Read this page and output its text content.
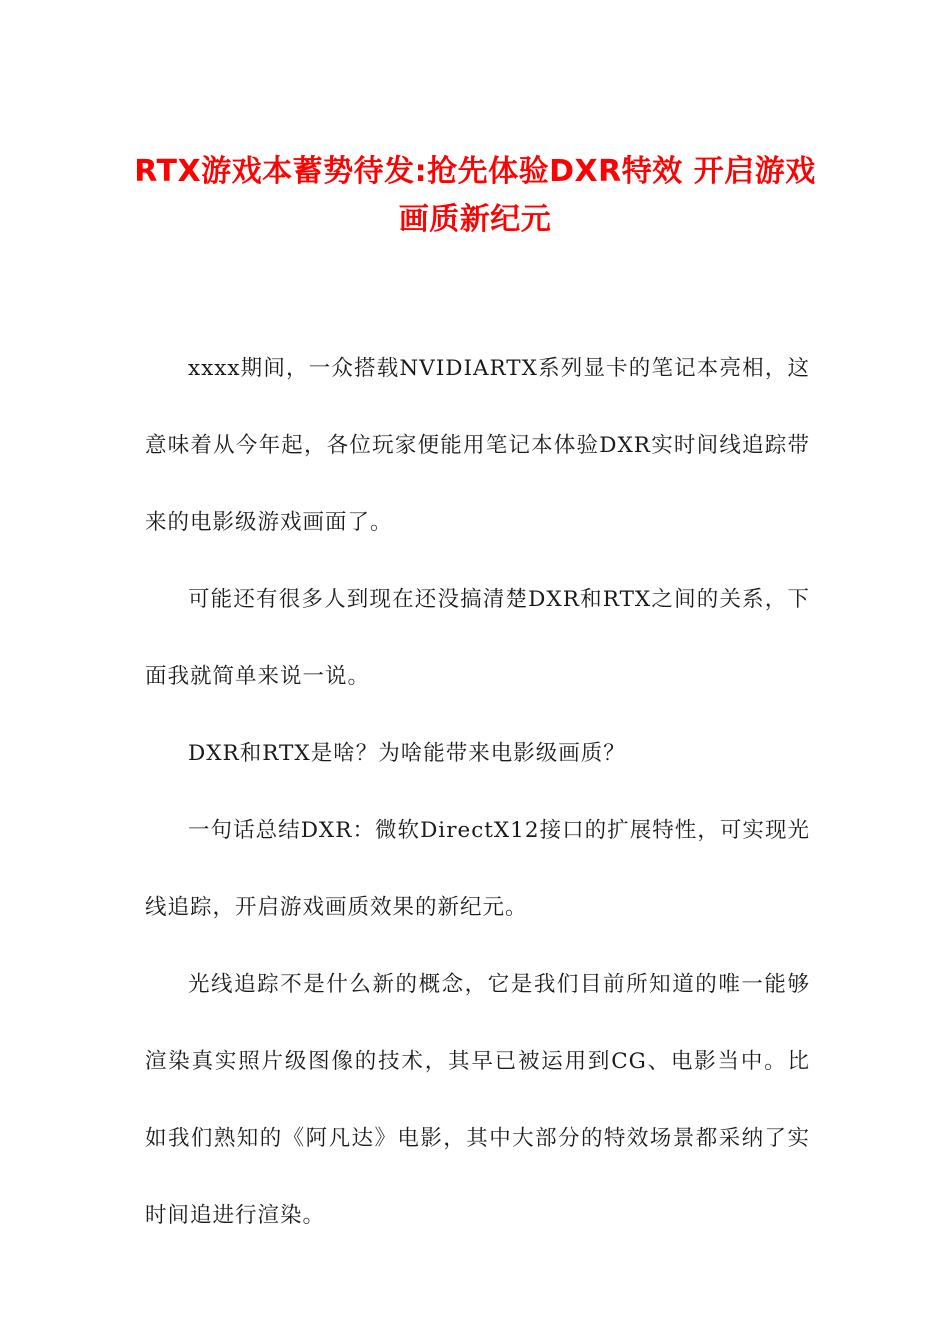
RTX游戏本蓄势待发:抢先体验DXR特效 开启游戏画质新纪元

xxxx期间，一众搭载NVIDIARTX系列显卡的笔记本亮相，这意味着从今年起，各位玩家便能用笔记本体验DXR实时间线追踪带来的电影级游戏画面了。

可能还有很多人到现在还没搞清楚DXR和RTX之间的关系，下面我就简单来说一说。

DXR和RTX是啥？为啥能带来电影级画质？

一句话总结DXR：微软DirectX12接口的扩展特性，可实现光线追踪，开启游戏画质效果的新纪元。

光线追踪不是什么新的概念，它是我们目前所知道的唯一能够渲染真实照片级图像的技术，其早已被运用到CG、电影当中。比如我们熟知的《阿凡达》电影，其中大部分的特效场景都采纳了实时间追进行渲染。
